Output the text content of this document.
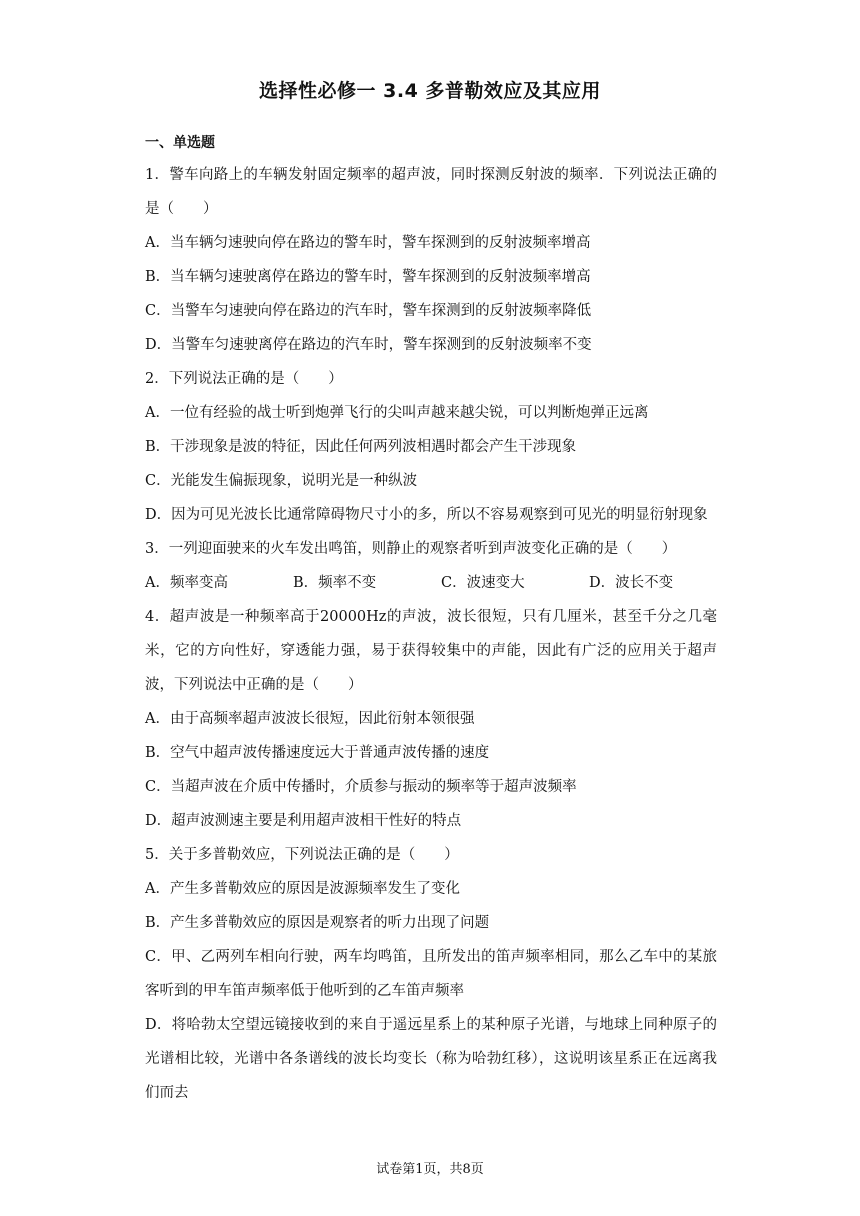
选择性必修一 3.4 多普勒效应及其应用
一、单选题

1．警车向路上的车辆发射固定频率的超声波，同时探测反射波的频率．下列说法正确的是（　　）

A．当车辆匀速驶向停在路边的警车时，警车探测到的反射波频率增高

B．当车辆匀速驶离停在路边的警车时，警车探测到的反射波频率增高

C．当警车匀速驶向停在路边的汽车时，警车探测到的反射波频率降低

D．当警车匀速驶离停在路边的汽车时，警车探测到的反射波频率不变

2．下列说法正确的是（　　）

A．一位有经验的战士听到炮弹飞行的尖叫声越来越尖锐，可以判断炮弹正远离

B．干涉现象是波的特征，因此任何两列波相遇时都会产生干涉现象

C．光能发生偏振现象，说明光是一种纵波

D．因为可见光波长比通常障碍物尺寸小的多，所以不容易观察到可见光的明显衍射现象

3．一列迎面驶来的火车发出鸣笛，则静止的观察者听到声波变化正确的是（　　）

A．频率变高	B．频率不变	C．波速变大	D．波长不变

4．超声波是一种频率高于20000Hz的声波，波长很短，只有几厘米，甚至千分之几毫米，它的方向性好，穿透能力强，易于获得较集中的声能，因此有广泛的应用关于超声波，下列说法中正确的是（　　）

A．由于高频率超声波波长很短，因此衍射本领很强

B．空气中超声波传播速度远大于普通声波传播的速度

C．当超声波在介质中传播时，介质参与振动的频率等于超声波频率

D．超声波测速主要是利用超声波相干性好的特点

5．关于多普勒效应，下列说法正确的是（　　）

A．产生多普勒效应的原因是波源频率发生了变化

B．产生多普勒效应的原因是观察者的听力出现了问题

C．甲、乙两列车相向行驶，两车均鸣笛，且所发出的笛声频率相同，那么乙车中的某旅客听到的甲车笛声频率低于他听到的乙车笛声频率

D．将哈勃太空望远镜接收到的来自于遥远星系上的某种原子光谱，与地球上同种原子的光谱相比较，光谱中各条谱线的波长均变长（称为哈勃红移），这说明该星系正在远离我们而去

试卷第1页，共8页
